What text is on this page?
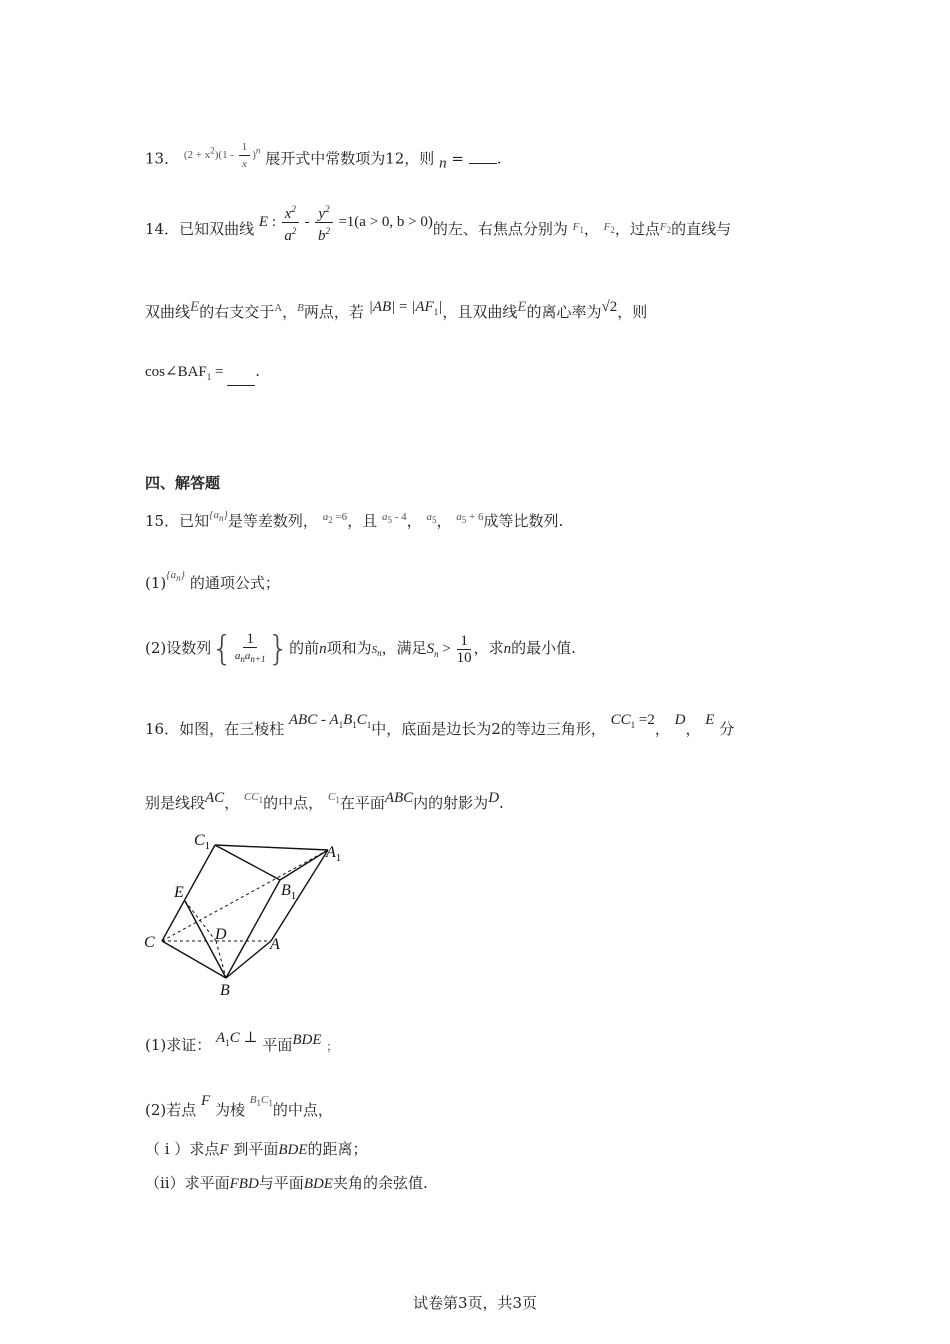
13． $^{(2 + x^2)(1 - \frac{1}{x} )^n}$ 展开式中常数项为12，则 n = .
14．已知双曲线 E : $\frac{x^2}{a^2} - \frac{y^2}{b^2} =1(a > 0$, b > 0)的左、右焦点分别为 $^{F_1}$， $^{F_2}$，过点$^{F_2}$的直线与
双曲线E的右支交于$^A$，$^B$两点，若 $|AB| = |AF_1|$，且双曲线E的离心率为√2，则
$\cos\angle BAF_1$ = .
四、解答题
15．已知$^{\{a_n\}}$是等差数列， $^{a_2 =6}$，且 $^{a_5 - 4}$， $^{a_5}$， $^{a_5 + 6}$成等比数列.
$(1)^{\{a_n\}}$ 的通项公式；
(2)设数列{ $\frac{1}{a_na_{n+1}}$ }的前n项和为$S_n$，满足$S_n > \frac{1}{10}$ ，求n的最小值.
16．如图，在三棱柱 ABC - $A_1B_1C_1$中，底面是边长为2的等边三角形， $CC_1 =2$， D， E 分
别是线段AC， $^{CC_1}$的中点， $^{C_1}$在平面ABC内的射影为D.
$C_1$	$A_1$
E	$B_1$
C	D
A
B
(1)求证： $A_1C$ ⊥ 平面BDE ；
(2)若点 F 为棱 $^{B_1C_1}$的中点，
（ i ）求点F 到平面BDE的距离；
（ii）求平面FBD与平面BDE夹角的余弦值.
试卷第3页，共3页
